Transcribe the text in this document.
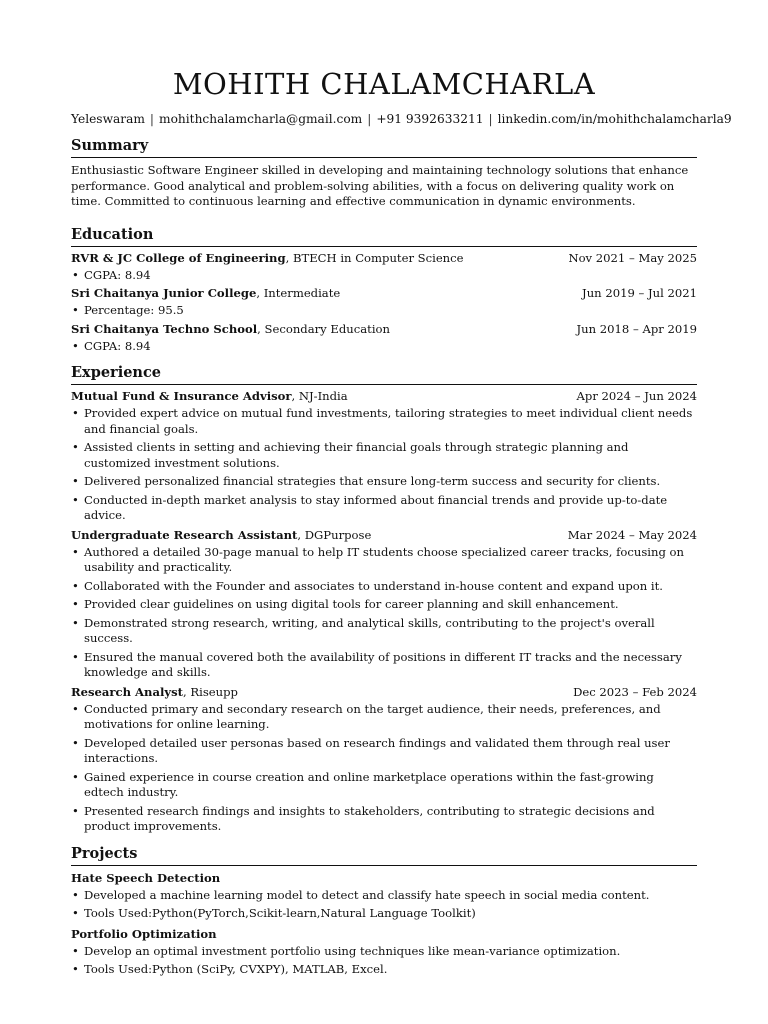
MOHITH CHALAMCHARLA
Yeleswaram | mohithchalamcharla@gmail.com | +91 9392633211 | linkedin.com/in/mohithchalamcharla9
Summary
Enthusiastic Software Engineer skilled in developing and maintaining technology solutions that enhance performance. Good analytical and problem-solving abilities, with a focus on delivering quality work on time. Committed to continuous learning and effective communication in dynamic environments.
Education
RVR & JC College of Engineering, BTECH in Computer Science	Nov 2021 – May 2025
• CGPA: 8.94
Sri Chaitanya Junior College, Intermediate	Jun 2019 – Jul 2021
• Percentage: 95.5
Sri Chaitanya Techno School, Secondary Education	Jun 2018 – Apr 2019
• CGPA: 8.94
Experience
Mutual Fund & Insurance Advisor, NJ-India	Apr 2024 – Jun 2024
• Provided expert advice on mutual fund investments, tailoring strategies to meet individual client needs and financial goals.
• Assisted clients in setting and achieving their financial goals through strategic planning and customized investment solutions.
• Delivered personalized financial strategies that ensure long-term success and security for clients.
• Conducted in-depth market analysis to stay informed about financial trends and provide up-to-date advice.
Undergraduate Research Assistant, DGPurpose	Mar 2024 – May 2024
• Authored a detailed 30-page manual to help IT students choose specialized career tracks, focusing on usability and practicality.
• Collaborated with the Founder and associates to understand in-house content and expand upon it.
• Provided clear guidelines on using digital tools for career planning and skill enhancement.
• Demonstrated strong research, writing, and analytical skills, contributing to the project's overall success.
• Ensured the manual covered both the availability of positions in different IT tracks and the necessary knowledge and skills.
Research Analyst, Riseupp	Dec 2023 – Feb 2024
• Conducted primary and secondary research on the target audience, their needs, preferences, and motivations for online learning.
• Developed detailed user personas based on research findings and validated them through real user interactions.
• Gained experience in course creation and online marketplace operations within the fast-growing edtech industry.
• Presented research findings and insights to stakeholders, contributing to strategic decisions and product improvements.
Projects
Hate Speech Detection
• Developed a machine learning model to detect and classify hate speech in social media content.
• Tools Used:Python(PyTorch,Scikit-learn,Natural Language Toolkit)
Portfolio Optimization
• Develop an optimal investment portfolio using techniques like mean-variance optimization.
• Tools Used:Python (SciPy, CVXPY), MATLAB, Excel.
